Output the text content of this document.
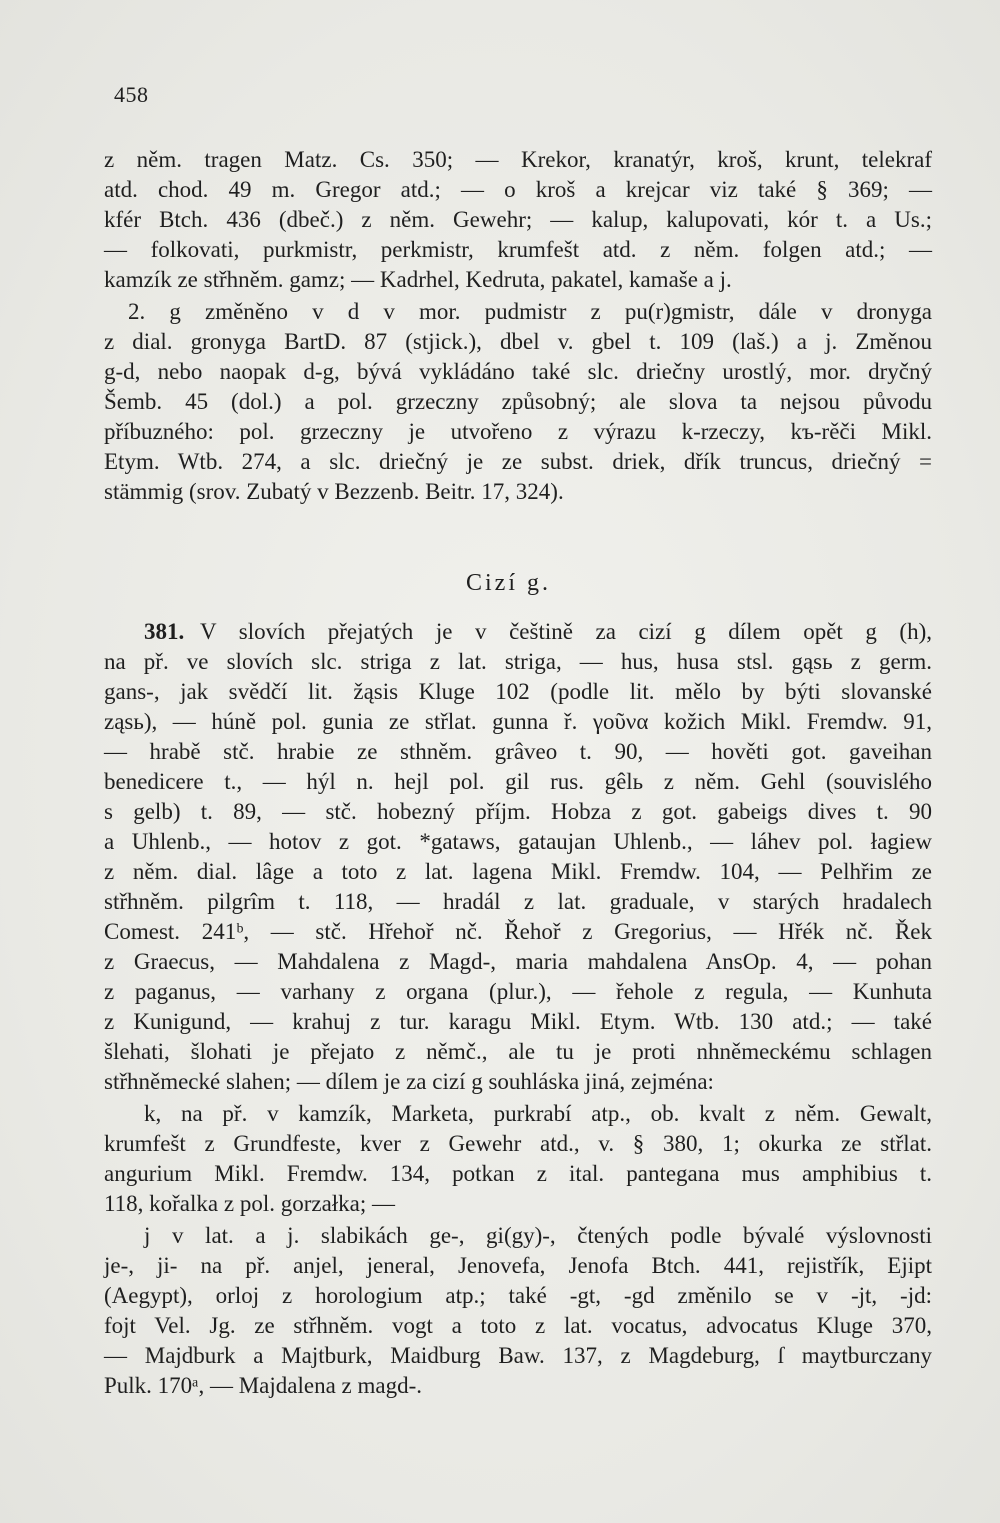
458
z něm. tragen Matz. Cs. 350; — Krekor, kranatýr, kroš, krunt, telekraf
atd. chod. 49 m. Gregor atd.; — o kroš a krejcar viz také § 369; —
kfér Btch. 436 (dbeč.) z něm. Gewehr; — kalup, kalupovati, kór t. a Us.;
— folkovati, purkmistr, perkmistr, krumfešt atd. z něm. folgen atd.; —
kamzík ze střhněm. gamz; — Kadrhel, Kedruta, pakatel, kamaše a j.
2. g změněno v d v mor. pudmistr z pu(r)gmistr, dále v dronyga
z dial. gronyga BartD. 87 (stjick.), dbel v. gbel t. 109 (laš.) a j. Změnou
g-d, nebo naopak d-g, bývá vykládáno také slc. driečny urostlý, mor. dryčný
Šemb. 45 (dol.) a pol. grzeczny způsobný; ale slova ta nejsou původu
příbuzného: pol. grzeczny je utvořeno z výrazu k-rzeczy, kъ-rěči Mikl.
Etym. Wtb. 274, a slc. driečný je ze subst. driek, dřík truncus, driečný =
stämmig (srov. Zubatý v Bezzenb. Beitr. 17, 324).
Cizí g.
381. V slovích přejatých je v češtině za cizí g dílem opět g (h),
na př. ve slovích slc. striga z lat. striga, — hus, husa stsl. gąsь z germ.
gans-, jak svědčí lit. žąsis Kluge 102 (podle lit. mělo by býti slovanské
ząsь), — húně pol. gunia ze střlat. gunna ř. γοῦνα kožich Mikl. Fremdw. 91,
— hrabě stč. hrabie ze sthněm. grâveo t. 90, — hověti got. gaveihan
benedicere t., — hýl n. hejl pol. gil rus. gêlь z něm. Gehl (souvislého
s gelb) t. 89, — stč. hobezný příjm. Hobza z got. gabeigs dives t. 90
a Uhlenb., — hotov z got. *gataws, gataujan Uhlenb., — láhev pol. łagiew
z něm. dial. lâge a toto z lat. lagena Mikl. Fremdw. 104, — Pelhřim ze
střhněm. pilgrîm t. 118, — hradál z lat. graduale, v starých hradalech
Comest. 241ᵇ, — stč. Hřehoř nč. Řehoř z Gregorius, — Hřék nč. Řek
z Graecus, — Mahdalena z Magd-, maria mahdalena AnsOp. 4, — pohan
z paganus, — varhany z organa (plur.), — řehole z regula, — Kunhuta
z Kunigund, — krahuj z tur. karagu Mikl. Etym. Wtb. 130 atd.; — také
šlehati, šlohati je přejato z němč., ale tu je proti nhněmeckému schlagen
střhněmecké slahen; — dílem je za cizí g souhláska jiná, zejména:
k, na př. v kamzík, Marketa, purkrabí atp., ob. kvalt z něm. Gewalt,
krumfešt z Grundfeste, kver z Gewehr atd., v. § 380, 1; okurka ze střlat.
angurium Mikl. Fremdw. 134, potkan z ital. pantegana mus amphibius t.
118, kořalka z pol. gorzałka; —
j v lat. a j. slabikách ge-, gi(gy)-, čtených podle bývalé výslovnosti
je-, ji- na př. anjel, jeneral, Jenovefa, Jenofa Btch. 441, rejistřík, Ejipt
(Aegypt), orloj z horologium atp.; také -gt, -gd změnilo se v -jt, -jd:
fojt Vel. Jg. ze střhněm. vogt a toto z lat. vocatus, advocatus Kluge 370,
— Majdburk a Majtburk, Maidburg Baw. 137, z Magdeburg, ſ maytburczany
Pulk. 170ᵃ, — Majdalena z magd-.
